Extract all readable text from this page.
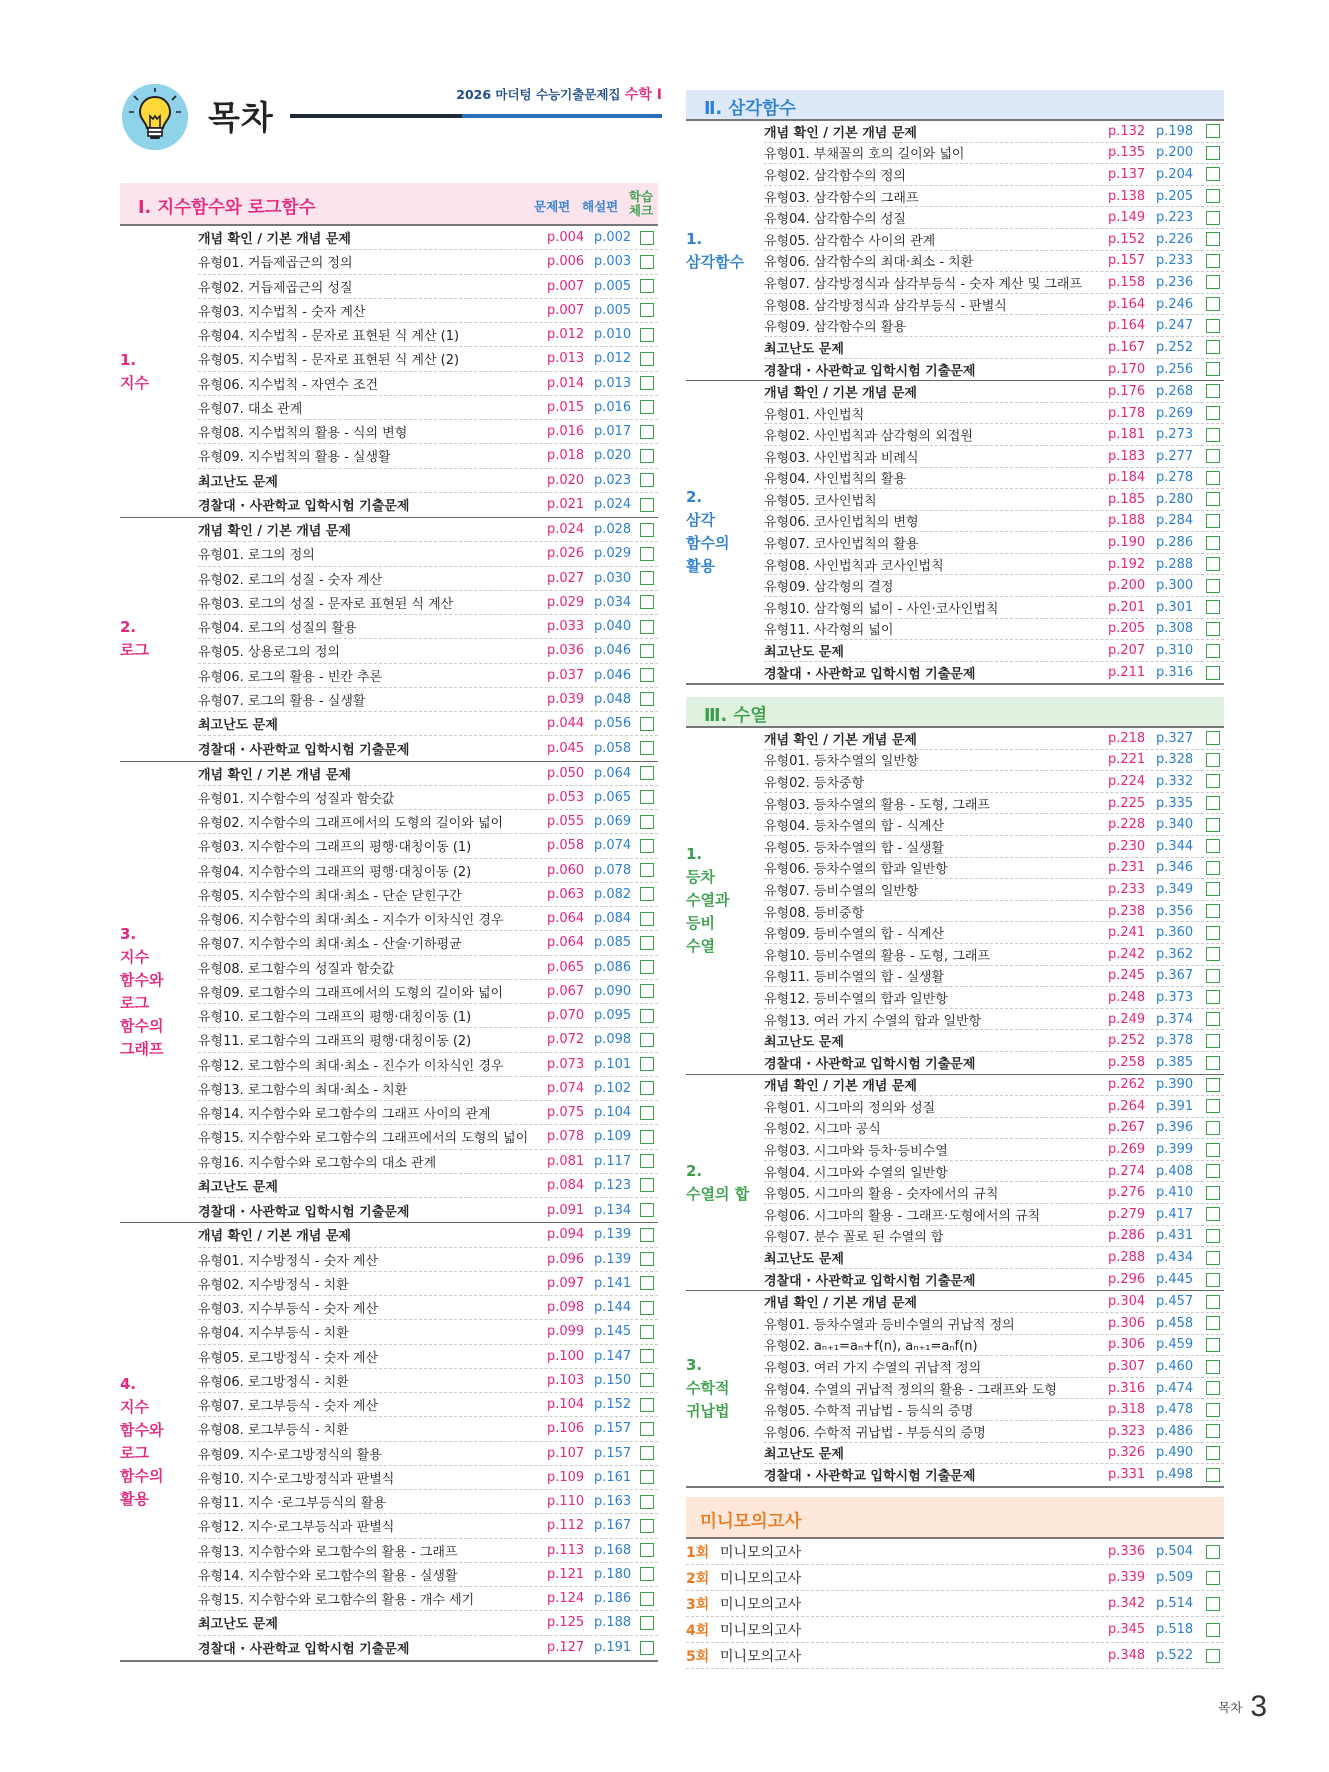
목차
2026 마더텅 수능기출문제집 수학 Ⅰ
Ⅰ. 지수함수와 로그함수	문제편 해설편
학습
체크
1.
지수
개념 확인 / 기본 개념 문제	p.004 p.002
유형01. 거듭제곱근의 정의	p.006 p.003
유형02. 거듭제곱근의 성질	p.007 p.005
유형03. 지수법칙 - 숫자 계산	p.007 p.005
유형04. 지수법칙 - 문자로 표현된 식 계산 (1)	p.012 p.010
유형05. 지수법칙 - 문자로 표현된 식 계산 (2)	p.013 p.012
유형06. 지수법칙 - 자연수 조건	p.014 p.013
유형07. 대소 관계	p.015 p.016
유형08. 지수법칙의 활용 - 식의 변형	p.016 p.017
유형09. 지수법칙의 활용 - 실생활	p.018 p.020
최고난도 문제	p.020 p.023
경찰대 · 사관학교 입학시험 기출문제	p.021 p.024
2.
로그
개념 확인 / 기본 개념 문제	p.024 p.028
유형01. 로그의 정의	p.026 p.029
유형02. 로그의 성질 - 숫자 계산	p.027 p.030
유형03. 로그의 성질 - 문자로 표현된 식 계산	p.029 p.034
유형04. 로그의 성질의 활용	p.033 p.040
유형05. 상용로그의 정의	p.036 p.046
유형06. 로그의 활용 - 빈칸 추론	p.037 p.046
유형07. 로그의 활용 - 실생활	p.039 p.048
최고난도 문제	p.044 p.056
경찰대 · 사관학교 입학시험 기출문제	p.045 p.058
3.
지수
함수와
로그
함수의
그래프
개념 확인 / 기본 개념 문제	p.050 p.064
유형01. 지수함수의 성질과 함숫값	p.053 p.065
유형02. 지수함수의 그래프에서의 도형의 길이와 넓이	p.055 p.069
유형03. 지수함수의 그래프의 평행·대칭이동 (1)	p.058 p.074
유형04. 지수함수의 그래프의 평행·대칭이동 (2)	p.060 p.078
유형05. 지수함수의 최대·최소 - 단순 닫힌구간	p.063 p.082
유형06. 지수함수의 최대·최소 - 지수가 이차식인 경우	p.064 p.084
유형07. 지수함수의 최대·최소 - 산술·기하평균	p.064 p.085
유형08. 로그함수의 성질과 함숫값	p.065 p.086
유형09. 로그함수의 그래프에서의 도형의 길이와 넓이	p.067 p.090
유형10. 로그함수의 그래프의 평행·대칭이동 (1)	p.070 p.095
유형11. 로그함수의 그래프의 평행·대칭이동 (2)	p.072 p.098
유형12. 로그함수의 최대·최소 - 진수가 이차식인 경우	p.073 p.101
유형13. 로그함수의 최대·최소 - 치환	p.074 p.102
유형14. 지수함수와 로그함수의 그래프 사이의 관계	p.075 p.104
유형15. 지수함수와 로그함수의 그래프에서의 도형의 넓이	p.078 p.109
유형16. 지수함수와 로그함수의 대소 관계	p.081 p.117
최고난도 문제	p.084 p.123
경찰대 · 사관학교 입학시험 기출문제	p.091 p.134
4.
지수
함수와
로그
함수의
활용
개념 확인 / 기본 개념 문제	p.094 p.139
유형01. 지수방정식 - 숫자 계산	p.096 p.139
유형02. 지수방정식 - 치환	p.097 p.141
유형03. 지수부등식 - 숫자 계산	p.098 p.144
유형04. 지수부등식 - 치환	p.099 p.145
유형05. 로그방정식 - 숫자 계산	p.100 p.147
유형06. 로그방정식 - 치환	p.103 p.150
유형07. 로그부등식 - 숫자 계산	p.104 p.152
유형08. 로그부등식 - 치환	p.106 p.157
유형09. 지수·로그방정식의 활용	p.107 p.157
유형10. 지수·로그방정식과 판별식	p.109 p.161
유형11. 지수 ·로그부등식의 활용	p.110 p.163
유형12. 지수·로그부등식과 판별식	p.112 p.167
유형13. 지수함수와 로그함수의 활용 - 그래프	p.113 p.168
유형14. 지수함수와 로그함수의 활용 - 실생활	p.121 p.180
유형15. 지수함수와 로그함수의 활용 - 개수 세기	p.124 p.186
최고난도 문제	p.125 p.188
경찰대 · 사관학교 입학시험 기출문제	p.127 p.191
Ⅱ. 삼각함수
1.
삼각함수
개념 확인 / 기본 개념 문제	p.132 p.198
유형01. 부채꼴의 호의 길이와 넓이	p.135 p.200
유형02. 삼각함수의 정의	p.137 p.204
유형03. 삼각함수의 그래프	p.138 p.205
유형04. 삼각함수의 성질	p.149 p.223
유형05. 삼각함수 사이의 관계	p.152 p.226
유형06. 삼각함수의 최대·최소 - 치환	p.157 p.233
유형07. 삼각방정식과 삼각부등식 - 숫자 계산 및 그래프	p.158 p.236
유형08. 삼각방정식과 삼각부등식 - 판별식	p.164 p.246
유형09. 삼각함수의 활용	p.164 p.247
최고난도 문제	p.167 p.252
경찰대 · 사관학교 입학시험 기출문제	p.170 p.256
2.
삼각
함수의
활용
개념 확인 / 기본 개념 문제	p.176 p.268
유형01. 사인법칙	p.178 p.269
유형02. 사인법칙과 삼각형의 외접원	p.181 p.273
유형03. 사인법칙과 비례식	p.183 p.277
유형04. 사인법칙의 활용	p.184 p.278
유형05. 코사인법칙	p.185 p.280
유형06. 코사인법칙의 변형	p.188 p.284
유형07. 코사인법칙의 활용	p.190 p.286
유형08. 사인법칙과 코사인법칙	p.192 p.288
유형09. 삼각형의 결정	p.200 p.300
유형10. 삼각형의 넓이 - 사인·코사인법칙	p.201 p.301
유형11. 사각형의 넓이	p.205 p.308
최고난도 문제	p.207 p.310
경찰대 · 사관학교 입학시험 기출문제	p.211 p.316
Ⅲ. 수열
1.
등차
수열과
등비
수열
개념 확인 / 기본 개념 문제	p.218 p.327
유형01. 등차수열의 일반항	p.221 p.328
유형02. 등차중항	p.224 p.332
유형03. 등차수열의 활용 - 도형, 그래프	p.225 p.335
유형04. 등차수열의 합 - 식계산	p.228 p.340
유형05. 등차수열의 합 - 실생활	p.230 p.344
유형06. 등차수열의 합과 일반항	p.231 p.346
유형07. 등비수열의 일반항	p.233 p.349
유형08. 등비중항	p.238 p.356
유형09. 등비수열의 합 - 식계산	p.241 p.360
유형10. 등비수열의 활용 - 도형, 그래프	p.242 p.362
유형11. 등비수열의 합 - 실생활	p.245 p.367
유형12. 등비수열의 합과 일반항	p.248 p.373
유형13. 여러 가지 수열의 합과 일반항	p.249 p.374
최고난도 문제	p.252 p.378
경찰대 · 사관학교 입학시험 기출문제	p.258 p.385
2.
수열의 합
개념 확인 / 기본 개념 문제	p.262 p.390
유형01. 시그마의 정의와 성질	p.264 p.391
유형02. 시그마 공식	p.267 p.396
유형03. 시그마와 등차·등비수열	p.269 p.399
유형04. 시그마와 수열의 일반항	p.274 p.408
유형05. 시그마의 활용 - 숫자에서의 규칙	p.276 p.410
유형06. 시그마의 활용 - 그래프·도형에서의 규칙	p.279 p.417
유형07. 분수 꼴로 된 수열의 합	p.286 p.431
최고난도 문제	p.288 p.434
경찰대 · 사관학교 입학시험 기출문제	p.296 p.445
3.
수학적
귀납법
개념 확인 / 기본 개념 문제	p.304 p.457
유형01. 등차수열과 등비수열의 귀납적 정의	p.306 p.458
유형02. aₙ₊₁=aₙ+f(n), aₙ₊₁=aₙf(n)	p.306 p.459
유형03. 여러 가지 수열의 귀납적 정의	p.307 p.460
유형04. 수열의 귀납적 정의의 활용 - 그래프와 도형	p.316 p.474
유형05. 수학적 귀납법 - 등식의 증명	p.318 p.478
유형06. 수학적 귀납법 - 부등식의 증명	p.323 p.486
최고난도 문제	p.326 p.490
경찰대 · 사관학교 입학시험 기출문제	p.331 p.498
미니모의고사
1회 미니모의고사	p.336 p.504
2회 미니모의고사	p.339 p.509
3회 미니모의고사	p.342 p.514
4회 미니모의고사	p.345 p.518
5회 미니모의고사	p.348 p.522
목차 3
